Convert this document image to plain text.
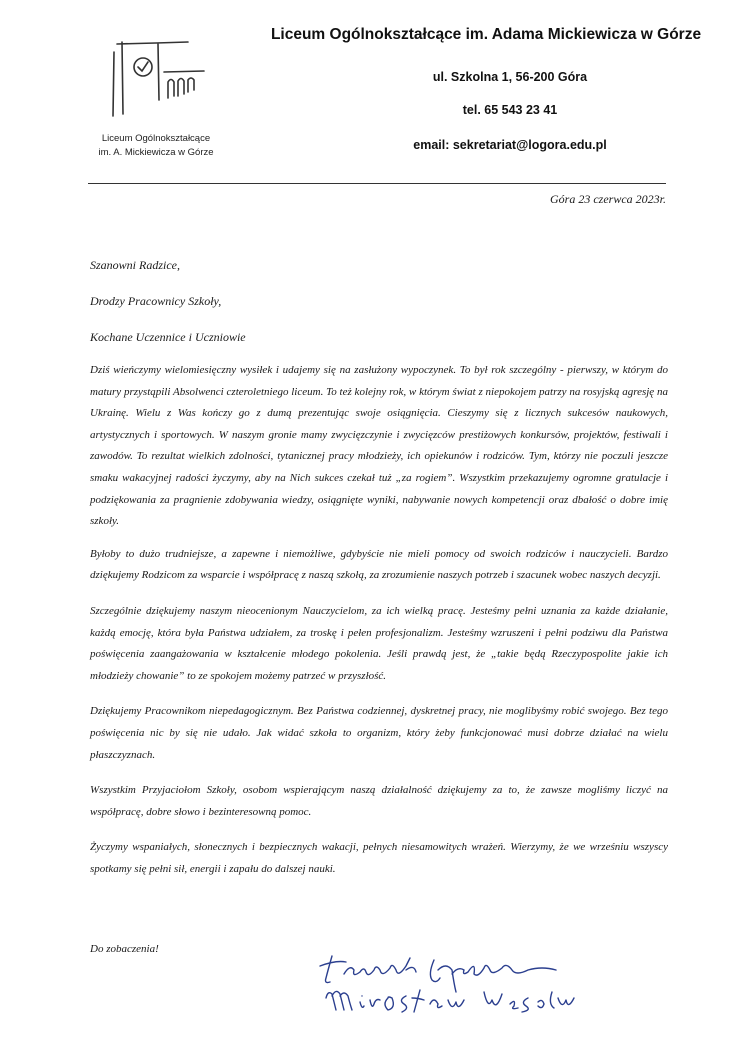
Liceum Ogólnokształcące
im. A. Mickiewicza w Górze
Liceum Ogólnokształcące im. Adama Mickiewicza w Górze
ul. Szkolna 1, 56-200 Góra
tel. 65 543 23 41
email: sekretariat@logora.edu.pl
Góra 23 czerwca 2023r.
Szanowni Radzice,
Drodzy Pracownicy Szkoły,
Kochane Uczennice i Uczniowie

Dziś wieńczymy wielomiesięczny wysiłek i udajemy się na zasłużony wypoczynek. To był rok szczególny - pierwszy, w którym do matury przystąpili Absolwenci czteroletniego liceum. To też kolejny rok, w którym świat z niepokojem patrzy na rosyjską agresję na Ukrainę. Wielu z Was kończy go z dumą prezentując swoje osiągnięcia. Cieszymy się z licznych sukcesów naukowych, artystycznych i sportowych. W naszym gronie mamy zwycięzczynie i zwycięzców prestiżowych konkursów, projektów, festiwali i zawodów. To rezultat wielkich zdolności, tytanicznej pracy młodzieży, ich opiekunów i rodziców. Tym, którzy nie poczuli jeszcze smaku wakacyjnej radości życzymy, aby na Nich sukces czekał tuż „za rogiem”. Wszystkim przekazujemy ogromne gratulacje i podziękowania za pragnienie zdobywania wiedzy, osiągnięte wyniki, nabywanie nowych kompetencji oraz dbałość o dobre imię szkoły.

Byłoby to dużo trudniejsze, a zapewne i niemożliwe, gdybyście nie mieli pomocy od swoich rodziców i nauczycieli. Bardzo dziękujemy Rodzicom za wsparcie i współpracę z naszą szkołą, za zrozumienie naszych potrzeb i szacunek wobec naszych decyzji.

Szczególnie dziękujemy naszym nieocenionym Nauczycielom, za ich wielką pracę. Jesteśmy pełni uznania za każde działanie, każdą emocję, która była Państwa udziałem, za troskę i pełen profesjonalizm. Jesteśmy wzruszeni i pełni podziwu dla Państwa poświęcenia zaangażowania w kształcenie młodego pokolenia. Jeśli prawdą jest, że „takie będą Rzeczypospolite jakie ich młodzieży chowanie” to ze spokojem możemy patrzeć w przyszłość.

Dziękujemy Pracownikom niepedagogicznym. Bez Państwa codziennej, dyskretnej pracy, nie moglibyśmy robić swojego. Bez tego poświęcenia nic by się nie udało. Jak widać szkoła to organizm, który żeby funkcjonować musi dobrze działać na wielu płaszczyznach.

Wszystkim Przyjaciołom Szkoły, osobom wspierającym naszą działalność dziękujemy za to, że zawsze mogliśmy liczyć na współpracę, dobre słowo i bezinteresowną pomoc.

Życzymy wspaniałych, słonecznych i bezpiecznych wakacji, pełnych niesamowitych wrażeń. Wierzymy, że we wrześniu wszyscy spotkamy się pełni sił, energii i zapału do dalszej nauki.

Do zobaczenia!
